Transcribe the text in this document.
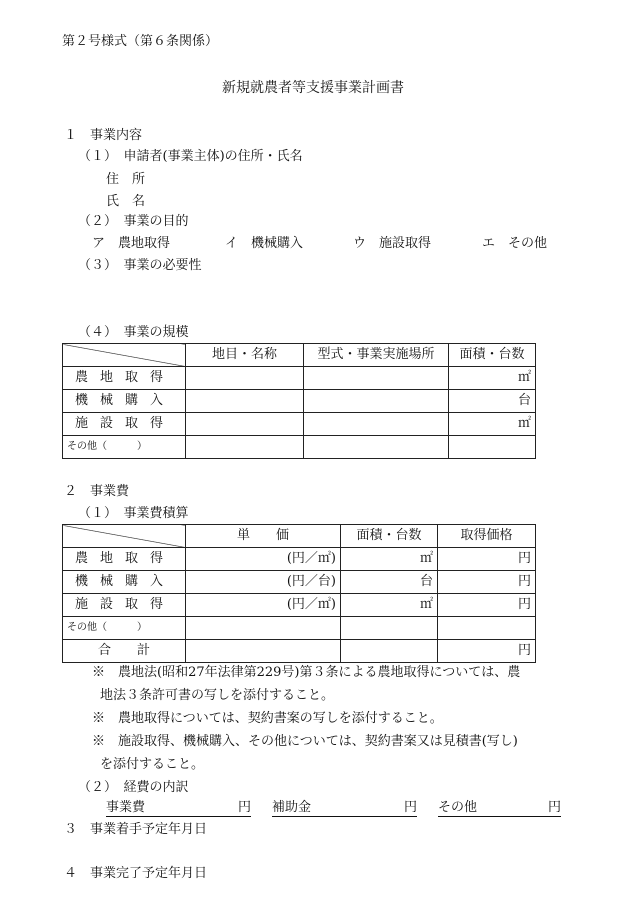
第２号様式（第６条関係）
新規就農者等支援事業計画書
１　事業内容
（１）　申請者(事業主体)の住所・氏名
住　所
氏　名
（２）　事業の目的
ア　農地取得	イ　機械購入	ウ　施設取得	エ　その他
（３）　事業の必要性
（４）　事業の規模
	地目・名称	型式・事業実施場所	面積・台数
農地取得			㎡
機械購入			台
施設取得			㎡
その他（　　　）			
２　事業費
（１）　事業費積算
	単　　価	面積・台数	取得価格
農地取得	(円／㎡)	㎡	円
機械購入	(円／台)	台	円
施設取得	(円／㎡)	㎡	円
その他（　　　）			
合　　計			円
※　農地法(昭和27年法律第229号)第３条による農地取得については、農
地法３条許可書の写しを添付すること。
※　農地取得については、契約書案の写しを添付すること。
※　施設取得、機械購入、その他については、契約書案又は見積書(写し)
を添付すること。
（２）　経費の内訳
事業費	円 補助金	円 その他	円
３　事業着手予定年月日
４　事業完了予定年月日
